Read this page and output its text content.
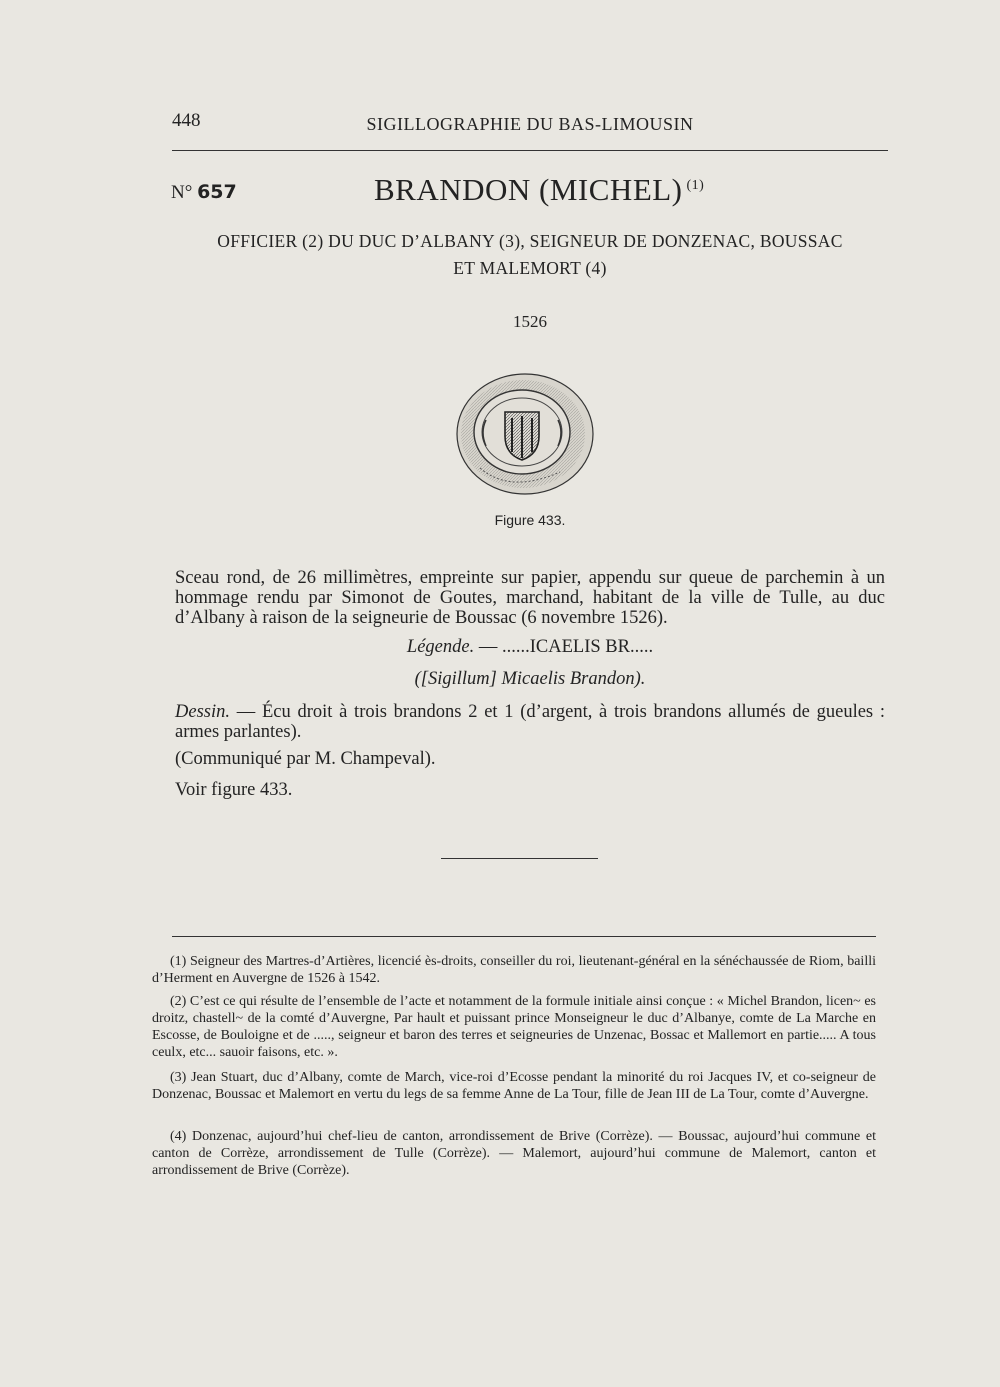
448	SIGILLOGRAPHIE DU BAS-LIMOUSIN
N° 657	BRANDON (MICHEL) $^{(1)}$
OFFICIER (2) DU DUC D’ALBANY (3), SEIGNEUR DE DONZENAC, BOUSSAC
ET MALEMORT (4)
1526
Figure 433.
Sceau rond, de 26 millimètres, empreinte sur papier, appendu sur queue de parchemin à un hommage rendu par Simonot de Goutes, marchand, habitant de la ville de Tulle, au duc d’Albany à raison de la seigneurie de Boussac (6 novembre 1526).
Légende. — ......ICAELIS BR.....
([Sigillum] Micaelis Brandon).
Dessin. — Écu droit à trois brandons 2 et 1 (d’argent, à trois brandons allumés de gueules : armes parlantes).
(Communiqué par M. Champeval).
Voir figure 433.
(1) Seigneur des Martres-d’Artières, licencié ès-droits, conseiller du roi, lieutenant-général en la sénéchaussée de Riom, bailli d’Herment en Auvergne de 1526 à 1542.
(2) C’est ce qui résulte de l’ensemble de l’acte et notamment de la formule initiale ainsi conçue : « Michel Brandon, licen~ es droitz, chastell~ de la comté d’Auvergne, Par hault et puissant prince Monseigneur le duc d’Albanye, comte de La Marche en Escosse, de Bouloigne et de ....., seigneur et baron des terres et seigneuries de Unzenac, Bossac et Mallemort en partie..... A tous ceulx, etc... sauoir faisons, etc. ».
(3) Jean Stuart, duc d’Albany, comte de March, vice-roi d’Ecosse pendant la minorité du roi Jacques IV, et co-seigneur de Donzenac, Boussac et Malemort en vertu du legs de sa femme Anne de La Tour, fille de Jean III de La Tour, comte d’Auvergne.
(4) Donzenac, aujourd’hui chef-lieu de canton, arrondissement de Brive (Corrèze). — Boussac, aujourd’hui commune et canton de Corrèze, arrondissement de Tulle (Corrèze). — Malemort, aujourd’hui commune de Malemort, canton et arrondissement de Brive (Corrèze).
